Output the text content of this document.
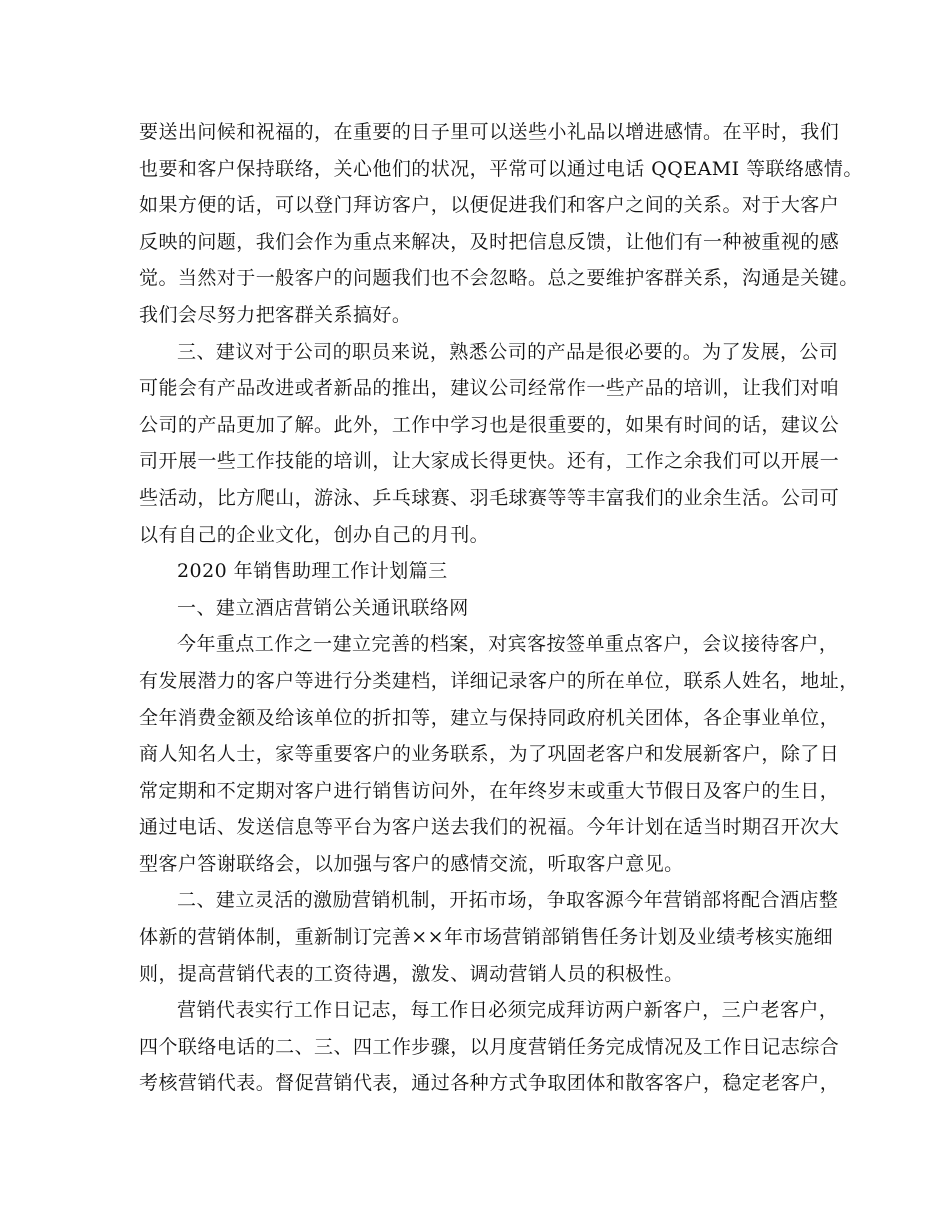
要送出问候和祝福的，在重要的日子里可以送些小礼品以增进感情。在平时，我们
也要和客户保持联络，关心他们的状况，平常可以通过电话 QQEAMI 等联络感情。
如果方便的话，可以登门拜访客户，以便促进我们和客户之间的关系。对于大客户
反映的问题，我们会作为重点来解决，及时把信息反馈，让他们有一种被重视的感
觉。当然对于一般客户的问题我们也不会忽略。总之要维护客群关系，沟通是关键。
我们会尽努力把客群关系搞好。
三、建议对于公司的职员来说，熟悉公司的产品是很必要的。为了发展，公司
可能会有产品改进或者新品的推出，建议公司经常作一些产品的培训，让我们对咱
公司的产品更加了解。此外，工作中学习也是很重要的，如果有时间的话，建议公
司开展一些工作技能的培训，让大家成长得更快。还有，工作之余我们可以开展一
些活动，比方爬山，游泳、乒乓球赛、羽毛球赛等等丰富我们的业余生活。公司可
以有自己的企业文化，创办自己的月刊。
2020 年销售助理工作计划篇三
一、建立酒店营销公关通讯联络网
今年重点工作之一建立完善的档案，对宾客按签单重点客户，会议接待客户，
有发展潜力的客户等进行分类建档，详细记录客户的所在单位，联系人姓名，地址，
全年消费金额及给该单位的折扣等，建立与保持同政府机关团体，各企事业单位，
商人知名人士，家等重要客户的业务联系，为了巩固老客户和发展新客户，除了日
常定期和不定期对客户进行销售访问外，在年终岁末或重大节假日及客户的生日，
通过电话、发送信息等平台为客户送去我们的祝福。今年计划在适当时期召开次大
型客户答谢联络会，以加强与客户的感情交流，听取客户意见。
二、建立灵活的激励营销机制，开拓市场，争取客源今年营销部将配合酒店整
体新的营销体制，重新制订完善××年市场营销部销售任务计划及业绩考核实施细
则，提高营销代表的工资待遇，激发、调动营销人员的积极性。
营销代表实行工作日记志，每工作日必须完成拜访两户新客户，三户老客户，
四个联络电话的二、三、四工作步骤，以月度营销任务完成情况及工作日记志综合
考核营销代表。督促营销代表，通过各种方式争取团体和散客客户，稳定老客户，
